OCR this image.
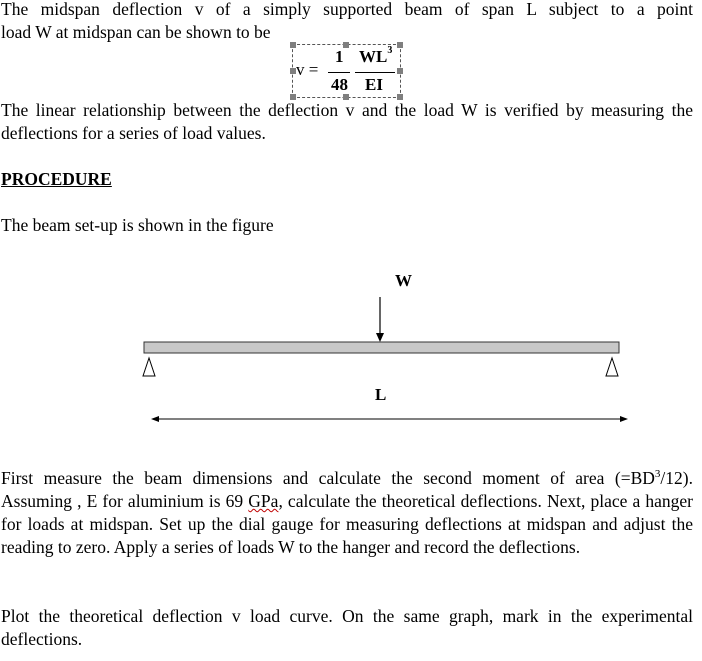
The midspan deflection v of a simply supported beam of span L subject to a point
load W at midspan can be shown to be
v =
1 $WL^3$
48 EI
The linear relationship between the deflection v and the load W is verified by measuring the deflections for a series of load values.
PROCEDURE
The beam set-up is shown in the figure
W
L
First measure the beam dimensions and calculate the second moment of area $(=BD^3/12)$. Assuming , E for aluminium is 69 GPa, calculate the theoretical deflections. Next, place a hanger for loads at midspan. Set up the dial gauge for measuring deflections at midspan and adjust the reading to zero. Apply a series of loads W to the hanger and record the deflections.
Plot the theoretical deflection v load curve. On the same graph, mark in the experimental deflections.
